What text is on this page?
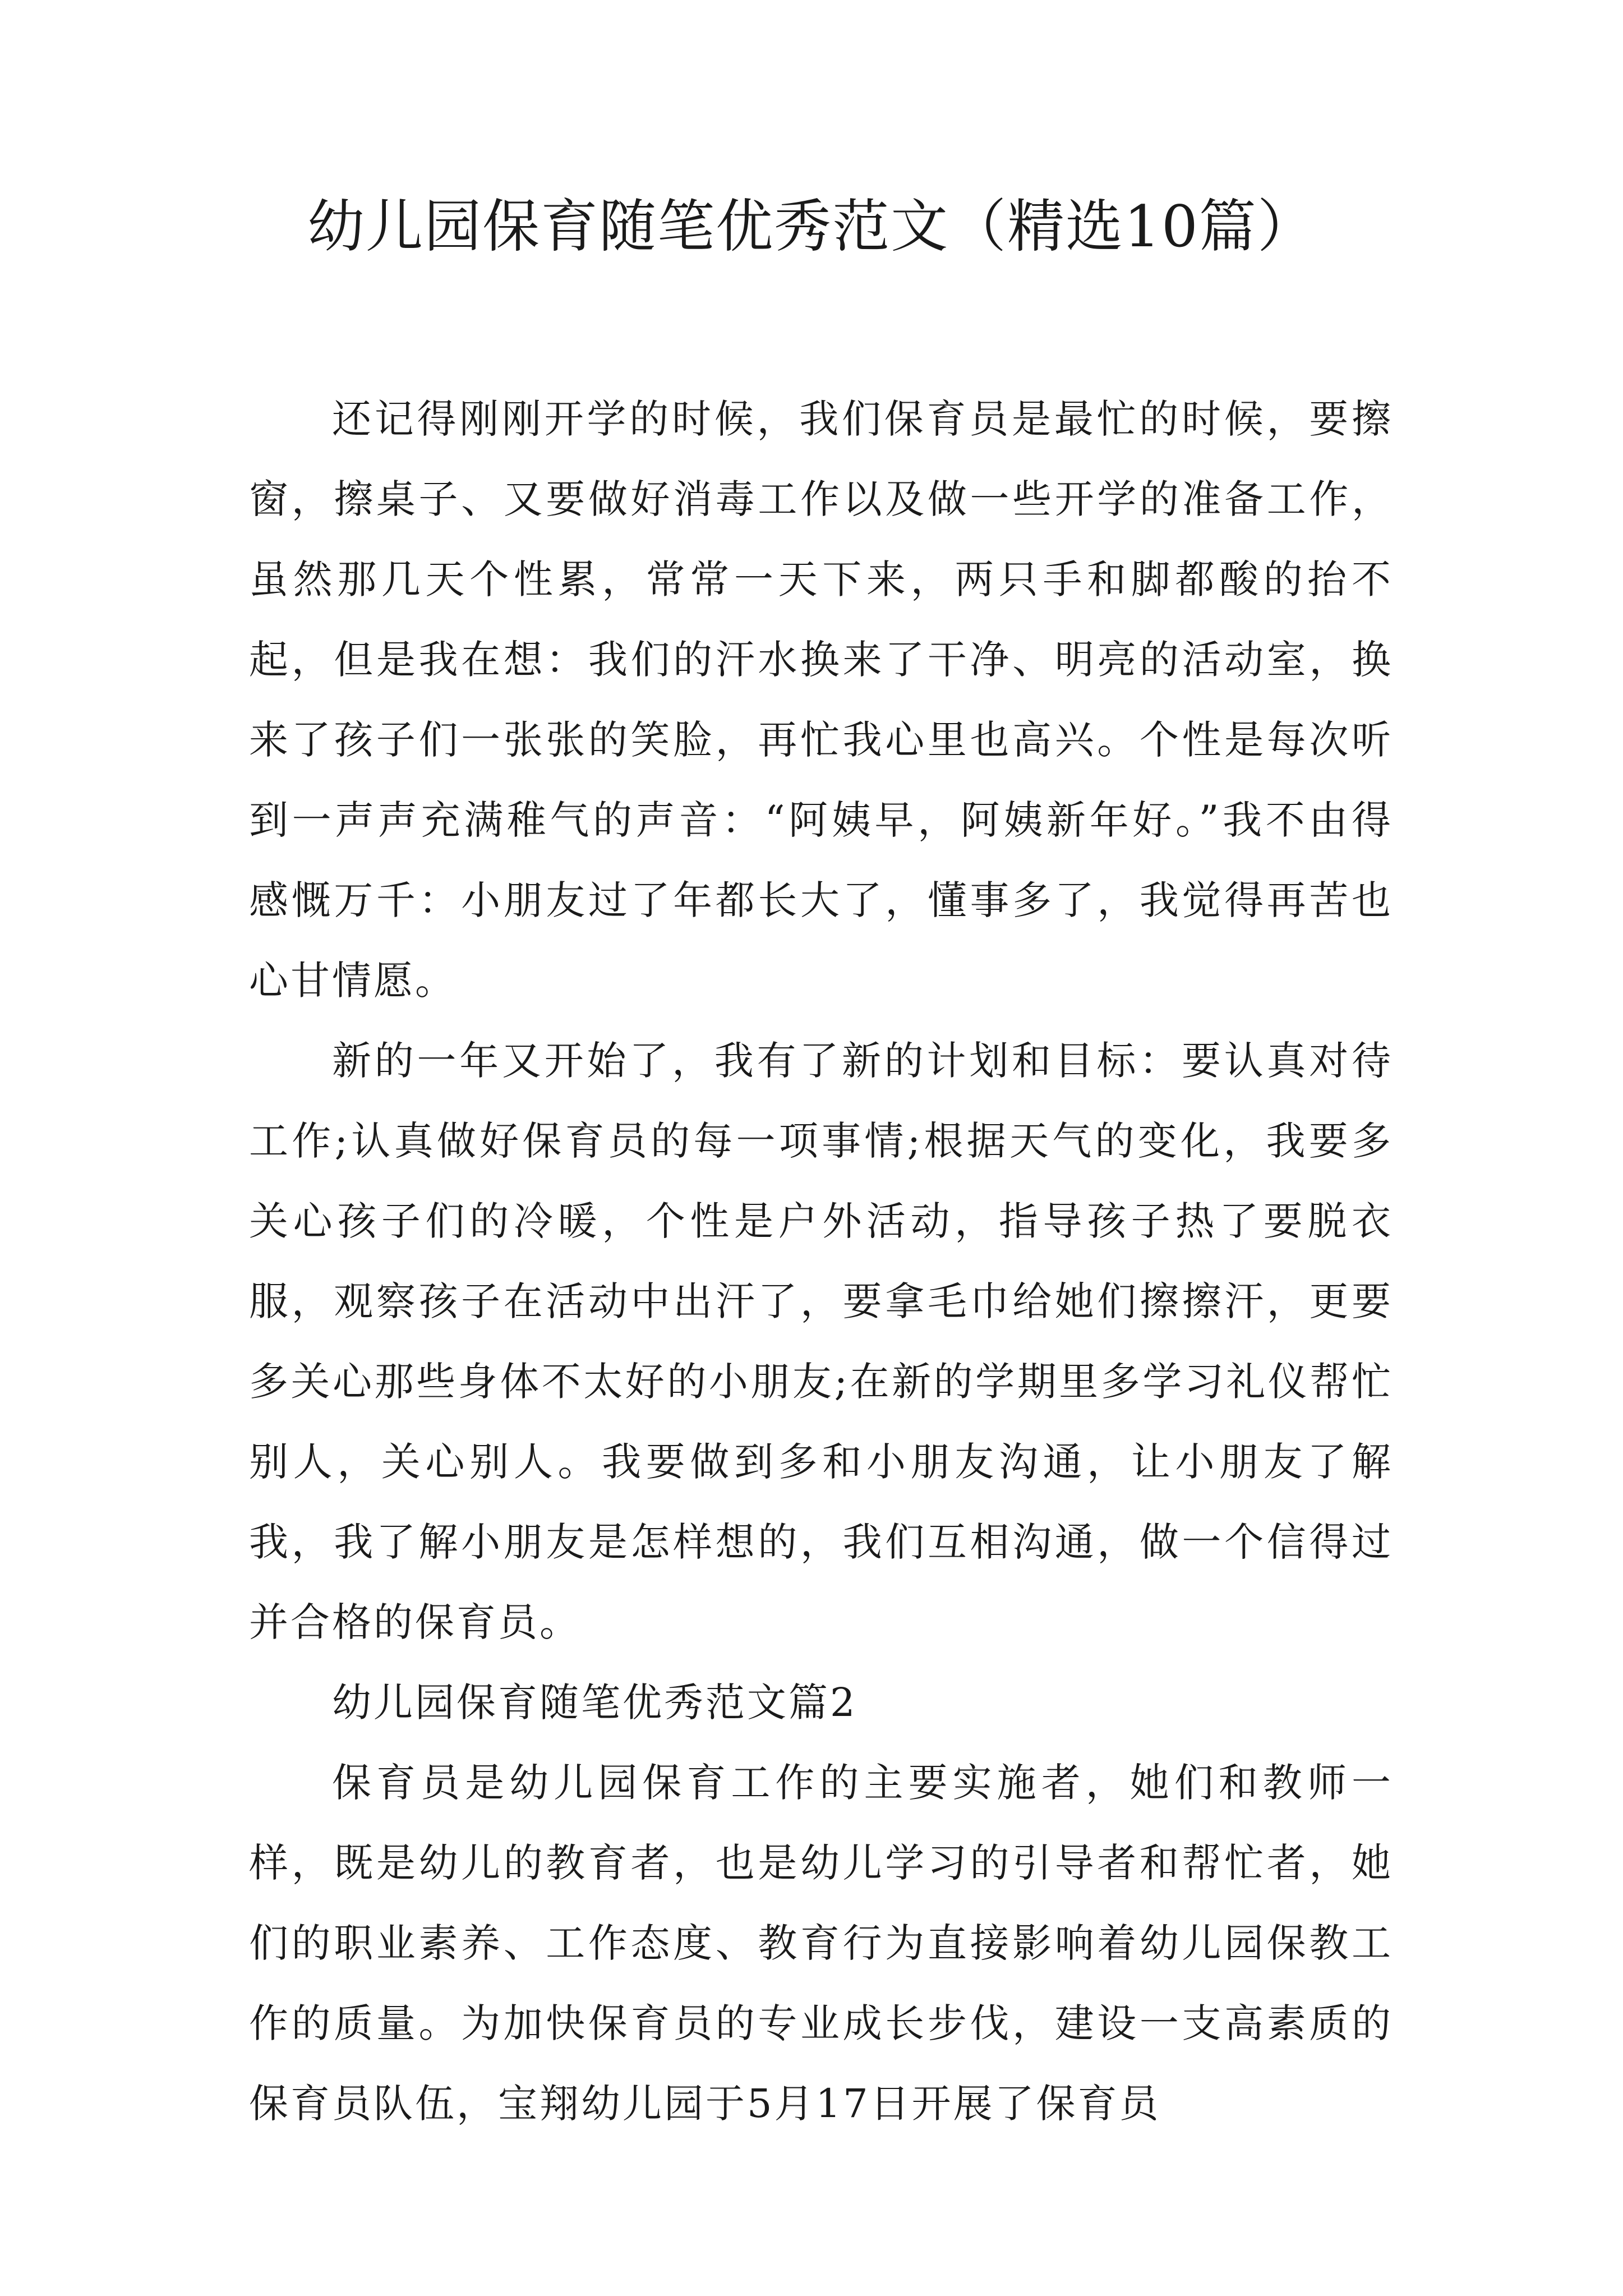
幼儿园保育随笔优秀范文（精选10篇）

还记得刚刚开学的时候，我们保育员是最忙的时候，要擦窗，擦桌子、又要做好消毒工作以及做一些开学的准备工作，虽然那几天个性累，常常一天下来，两只手和脚都酸的抬不起，但是我在想：我们的汗水换来了干净、明亮的活动室，换来了孩子们一张张的笑脸，再忙我心里也高兴。个性是每次听到一声声充满稚气的声音：“阿姨早，阿姨新年好。”我不由得感慨万千：小朋友过了年都长大了，懂事多了，我觉得再苦也心甘情愿。

新的一年又开始了，我有了新的计划和目标：要认真对待工作;认真做好保育员的每一项事情;根据天气的变化，我要多关心孩子们的冷暖，个性是户外活动，指导孩子热了要脱衣服，观察孩子在活动中出汗了，要拿毛巾给她们擦擦汗，更要多关心那些身体不太好的小朋友;在新的学期里多学习礼仪帮忙别人，关心别人。我要做到多和小朋友沟通，让小朋友了解我，我了解小朋友是怎样想的，我们互相沟通，做一个信得过并合格的保育员。

幼儿园保育随笔优秀范文篇2

保育员是幼儿园保育工作的主要实施者，她们和教师一样，既是幼儿的教育者，也是幼儿学习的引导者和帮忙者，她们的职业素养、工作态度、教育行为直接影响着幼儿园保教工作的质量。为加快保育员的专业成长步伐，建设一支高素质的保育员队伍，宝翔幼儿园于5月17日开展了保育员
